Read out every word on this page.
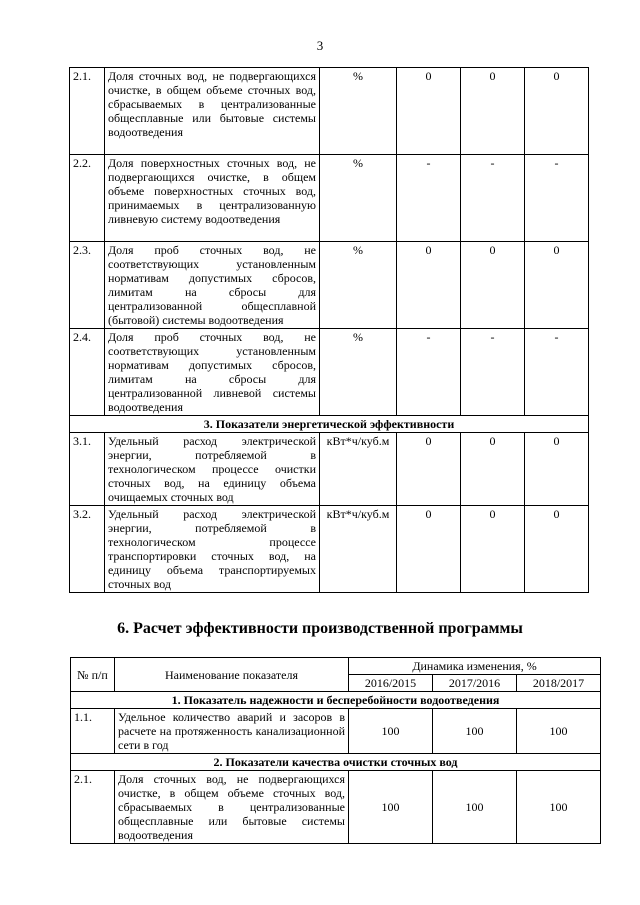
3
2.1.	Доля сточных вод, не подвергающихся очистке, в общем объеме сточных вод, сбрасываемых в централизованные общесплавные или бытовые системы водоотведения	%	0	0	0
2.2.	Доля поверхностных сточных вод, не подвергающихся очистке, в общем объеме поверхностных сточных вод, принимаемых в централизованную ливневую систему водоотведения	%	-	-	-
2.3.	Доля проб сточных вод, не соответствующих установленным нормативам допустимых сбросов, лимитам на сбросы для централизованной общесплавной (бытовой) системы водоотведения	%	0	0	0
2.4.	Доля проб сточных вод, не соответствующих установленным нормативам допустимых сбросов, лимитам на сбросы для централизованной ливневой системы водоотведения	%	-	-	-
3. Показатели энергетической эффективности					
3.1.	Удельный расход электрической энергии, потребляемой в технологическом процессе очистки сточных вод, на единицу объема очищаемых сточных вод	кВт*ч/куб.м	0	0	0
3.2.	Удельный расход электрической энергии, потребляемой в технологическом процессе транспортировки сточных вод, на единицу объема транспортируемых сточных вод	кВт*ч/куб.м	0	0	0
6. Расчет эффективности производственной программы
№ п/п	Наименование показателя	Динамика изменения, %		
		2016/2015	2017/2016	2018/2017
1. Показатель надежности и бесперебойности водоотведения				
1.1.	Удельное количество аварий и засоров в расчете на протяженность канализационной сети в год	100	100	100
2. Показатели качества очистки сточных вод				
2.1.	Доля сточных вод, не подвергающихся очистке, в общем объеме сточных вод, сбрасываемых в централизованные общесплавные или бытовые системы водоотведения	100	100	100
